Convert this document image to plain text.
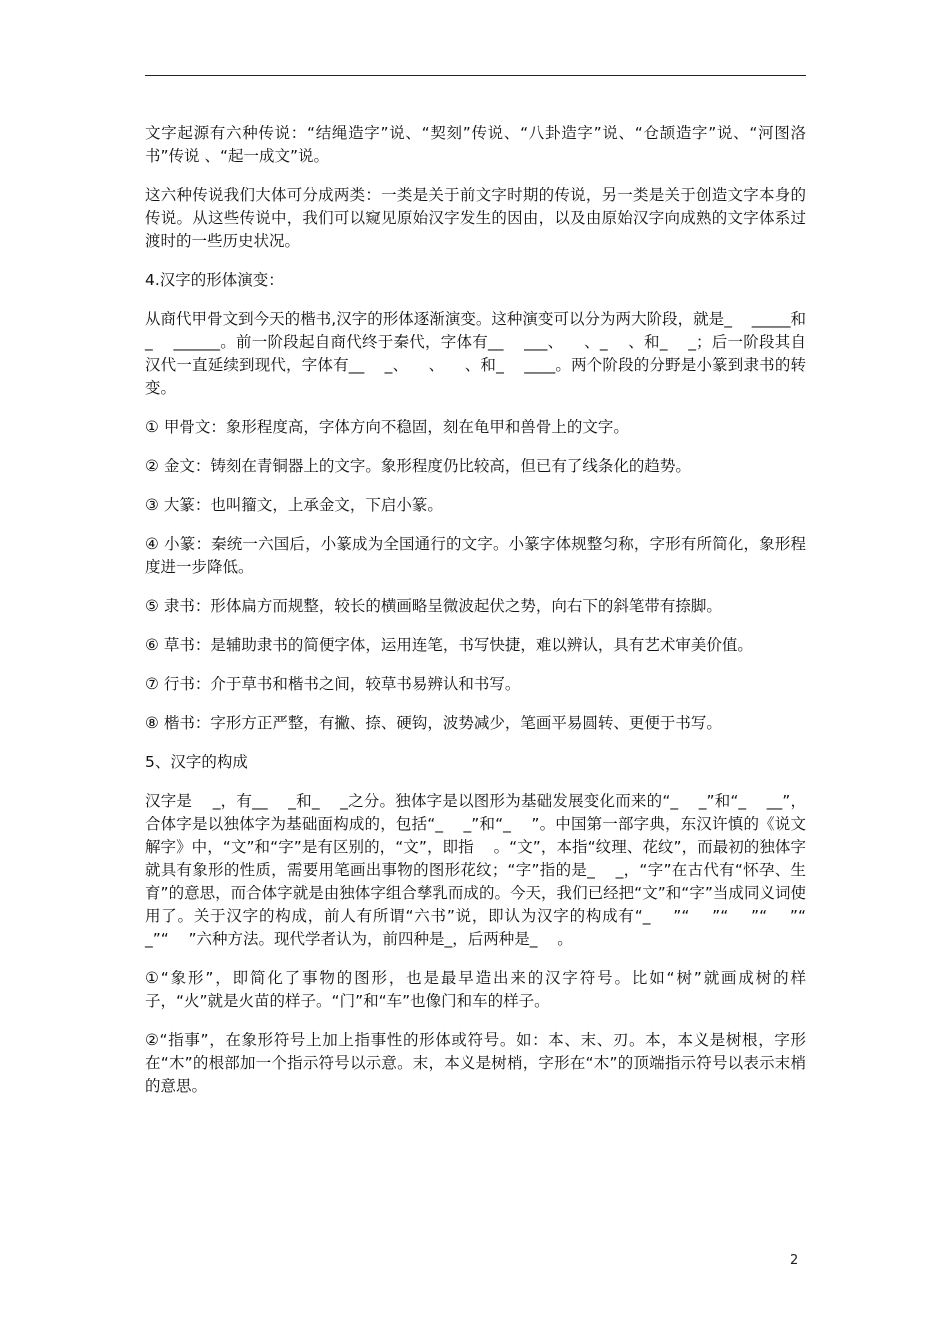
文字起源有六种传说：“结绳造字”说、“契刻”传说、“八卦造字”说、“仓颉造字”说、“河图洛书”传说 、“起一成文”说。

这六种传说我们大体可分成两类：一类是关于前文字时期的传说，另一类是关于创造文字本身的传说。从这些传说中，我们可以窥见原始汉字发生的因由，以及由原始汉字向成熟的文字体系过渡时的一些历史状况。

4.汉字的形体演变：

从商代甲骨文到今天的楷书,汉字的形体逐渐演变。这种演变可以分为两大阶段，就是_    _____和_    ______。前一阶段起自商代终于秦代，字体有__    ___、    、_    、和_    _；后一阶段其自汉代一直延续到现代，字体有__    _、    、    、和_    ____。两个阶段的分野是小篆到隶书的转变。

① 甲骨文：象形程度高，字体方向不稳固，刻在龟甲和兽骨上的文字。

② 金文：铸刻在青铜器上的文字。象形程度仍比较高，但已有了线条化的趋势。

③ 大篆：也叫籀文，上承金文，下启小篆。

④ 小篆：秦统一六国后，小篆成为全国通行的文字。小篆字体规整匀称，字形有所简化，象形程度进一步降低。

⑤ 隶书：形体扁方而规整，较长的横画略呈微波起伏之势，向右下的斜笔带有捺脚。

⑥ 草书：是辅助隶书的简便字体，运用连笔，书写快捷，难以辨认，具有艺术审美价值。

⑦ 行书：介于草书和楷书之间，较草书易辨认和书写。

⑧ 楷书：字形方正严整，有撇、捺、硬钩，波势减少，笔画平易圆转、更便于书写。

5、汉字的构成

汉字是    _，有__    _和_    _之分。独体字是以图形为基础发展变化而来的“_    _”和“_    __”，合体字是以独体字为基础面构成的，包括“_    _”和“_    ”。中国第一部字典，东汉许慎的《说文解字》中，“文”和“字”是有区别的，“文”，即指    。“文”，本指“纹理、花纹”，而最初的独体字就具有象形的性质，需要用笔画出事物的图形花纹；“字”指的是_    _，“字”在古代有“怀孕、生育”的意思，而合体字就是由独体字组合孳乳而成的。今天，我们已经把“文”和“字”当成同义词使用了。关于汉字的构成，前人有所谓“六书”说，即认为汉字的构成有“_    ”“    ”“    ”“    ”“    _”“    ”六种方法。现代学者认为，前四种是_，后两种是_    。

①“象形”，即简化了事物的图形，也是最早造出来的汉字符号。比如“树”就画成树的样子，“火”就是火苗的样子。“门”和“车”也像门和车的样子。

②“指事”，在象形符号上加上指事性的形体或符号。如：本、末、刃。本，本义是树根，字形在“木”的根部加一个指示符号以示意。末，本义是树梢，字形在“木”的顶端指示符号以表示末梢的意思。

2
